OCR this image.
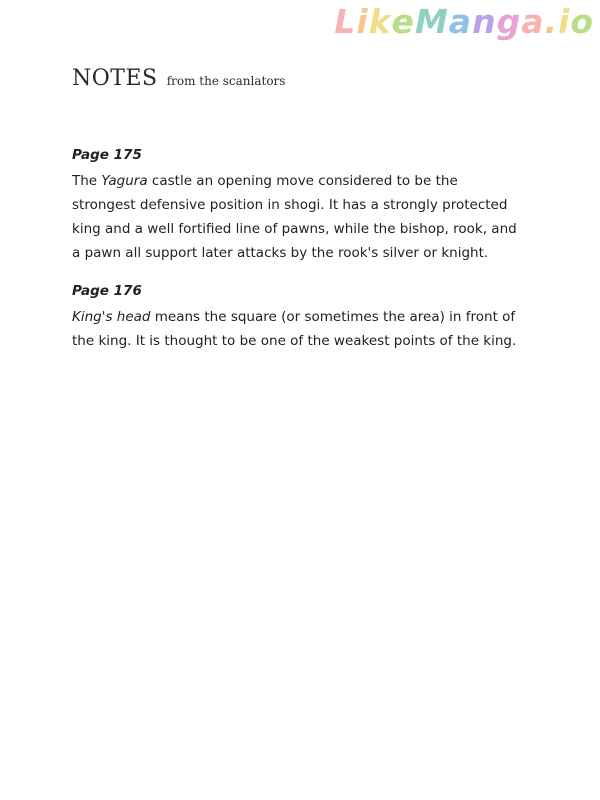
LikeManga.io
NOTES from the scanlators

Page 175

The Yagura castle an opening move considered to be the strongest defensive position in shogi. It has a strongly protected king and a well fortified line of pawns, while the bishop, rook, and a pawn all support later attacks by the rook's silver or knight.

Page 176

King's head means the square (or sometimes the area) in front of the king. It is thought to be one of the weakest points of the king.
